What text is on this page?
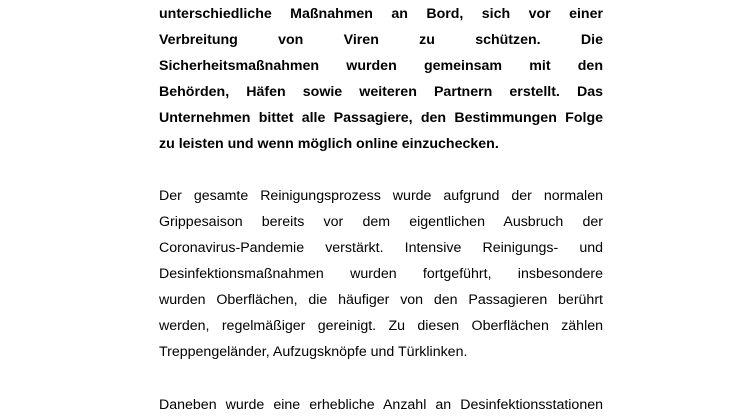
unterschiedliche Maßnahmen an Bord, sich vor einer
Verbreitung von Viren zu schützen. Die
Sicherheitsmaßnahmen wurden gemeinsam mit den
Behörden, Häfen sowie weiteren Partnern erstellt. Das
Unternehmen bittet alle Passagiere, den Bestimmungen Folge
zu leisten und wenn möglich online einzuchecken.

Der gesamte Reinigungsprozess wurde aufgrund der normalen
Grippesaison bereits vor dem eigentlichen Ausbruch der
Coronavirus-Pandemie verstärkt. Intensive Reinigungs- und
Desinfektionsmaßnahmen wurden fortgeführt, insbesondere
wurden Oberflächen, die häufiger von den Passagieren berührt
werden, regelmäßiger gereinigt. Zu diesen Oberflächen zählen
Treppengeländer, Aufzugsknöpfe und Türklinken.

Daneben wurde eine erhebliche Anzahl an Desinfektionsstationen
